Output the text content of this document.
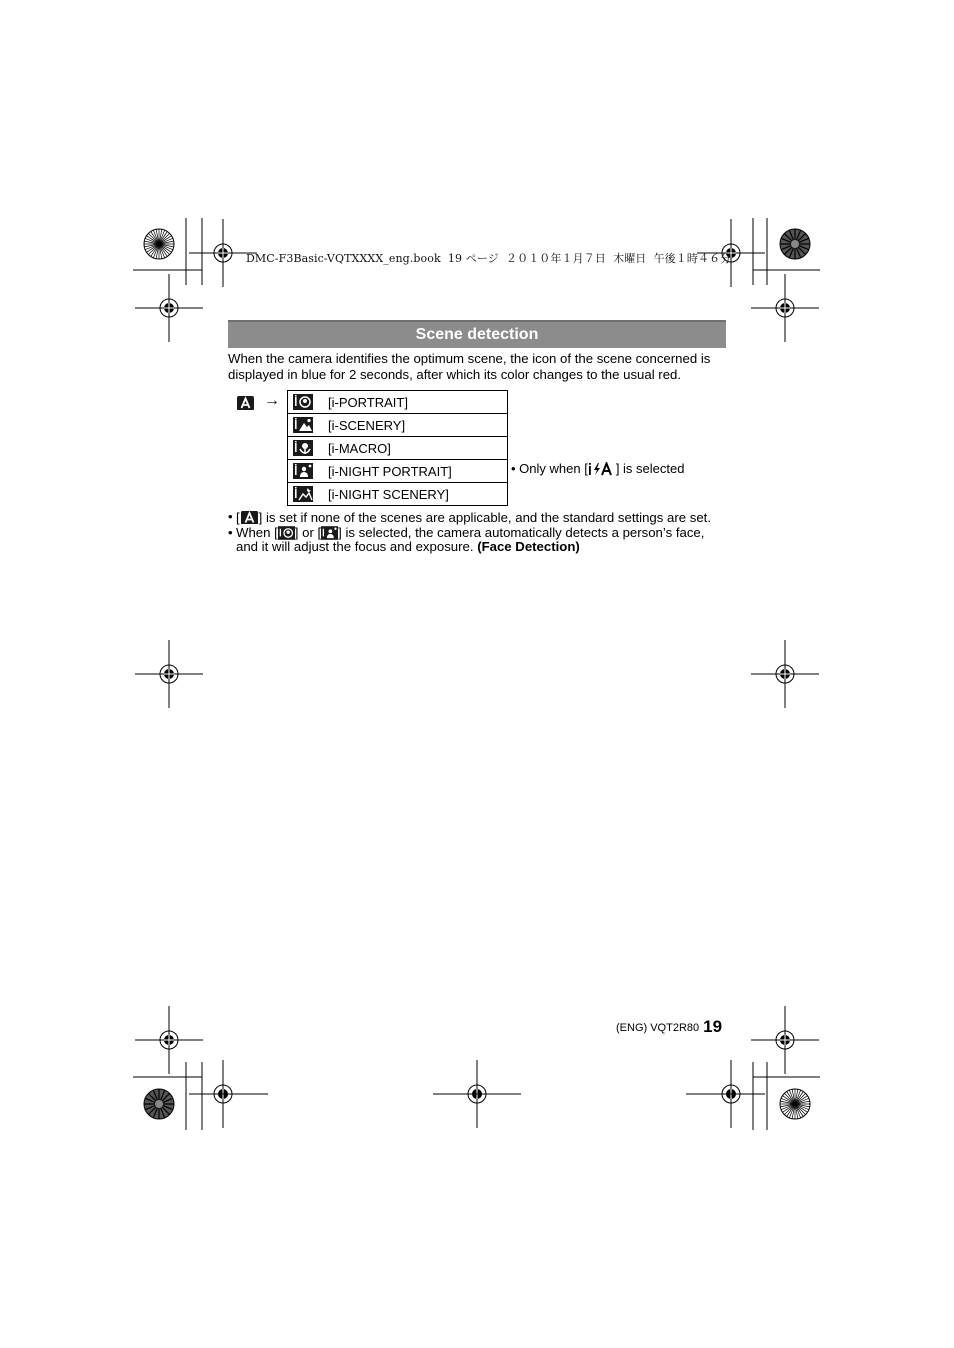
DMC-F3Basic-VQTXXXX_eng.book  19 ページ  ２０１０年１月７日  木曜日  午後１時４６分
Scene detection
When the camera identifies the optimum scene, the icon of the scene concerned is displayed in blue for 2 seconds, after which its color changes to the usual red.
→
		[i-PORTRAIT]
	[i-SCENERY]
	[i-MACRO]
	[i-NIGHT PORTRAIT]
	[i-NIGHT SCENERY]
• Only when [ ] is selected
• [ ] is set if none of the scenes are applicable, and the standard settings are set.
• When [ ] or [ ] is selected, the camera automatically detects a person’s face, and it will adjust the focus and exposure. (Face Detection)
(ENG) VQT2R80 19
